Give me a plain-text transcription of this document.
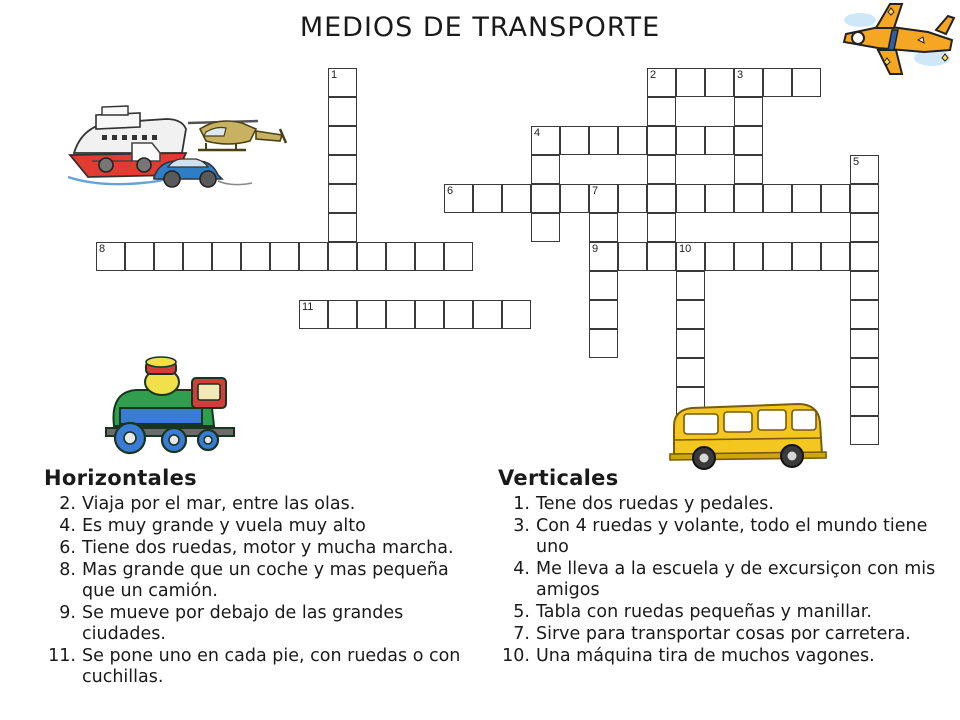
MEDIOS DE TRANSPORTE
1	2	3
4
5
6	7
8	9	10
11
Horizontales
2. Viaja por el mar, entre las olas.
4. Es muy grande y vuela muy alto
6. Tiene dos ruedas, motor y mucha marcha.
8. Mas grande que un coche y mas pequeña que un camión.
9. Se mueve por debajo de las grandes ciudades.
11. Se pone uno en cada pie, con ruedas o con cuchillas.
Verticales
1. Tene dos ruedas y pedales.
3. Con 4 ruedas y volante, todo el mundo tiene uno
4. Me lleva a la escuela y de excursiçon con mis amigos
5. Tabla con ruedas pequeñas y manillar.
7. Sirve para transportar cosas por carretera.
10. Una máquina tira de muchos vagones.
